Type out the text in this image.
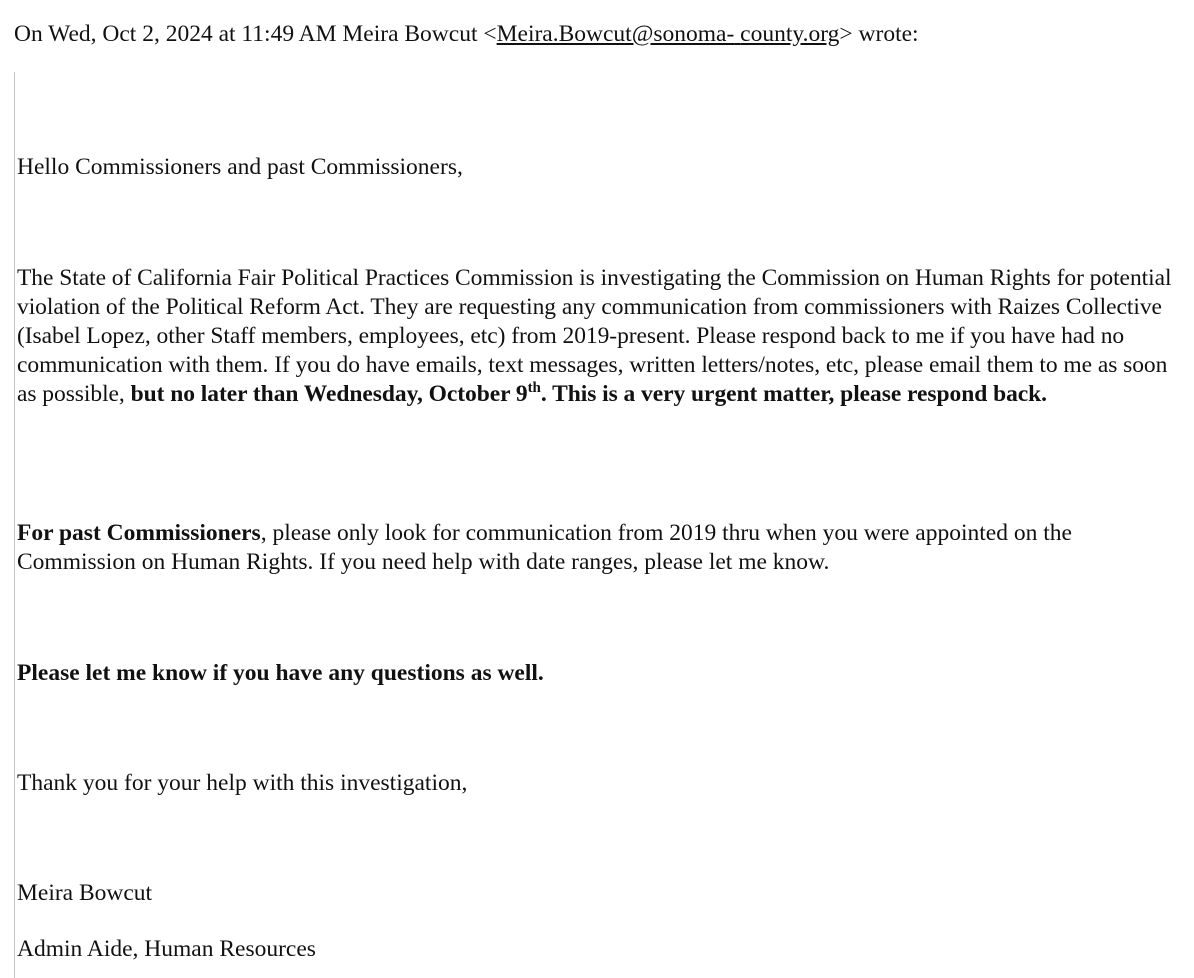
On Wed, Oct 2, 2024 at 11:49 AM Meira Bowcut <Meira.Bowcut@sonoma- county.org> wrote:

Hello Commissioners and past Commissioners,

The State of California Fair Political Practices Commission is investigating the Commission on Human Rights for potential violation of the Political Reform Act. They are requesting any communication from commissioners with Raizes Collective (Isabel Lopez, other Staff members, employees, etc) from 2019-present. Please respond back to me if you have had no communication with them. If you do have emails, text messages, written letters/notes, etc, please email them to me as soon as possible, but no later than Wednesday, October 9th. This is a very urgent matter, please respond back.

For past Commissioners, please only look for communication from 2019 thru when you were appointed on the Commission on Human Rights. If you need help with date ranges, please let me know.

Please let me know if you have any questions as well.

Thank you for your help with this investigation,

Meira Bowcut

Admin Aide, Human Resources
